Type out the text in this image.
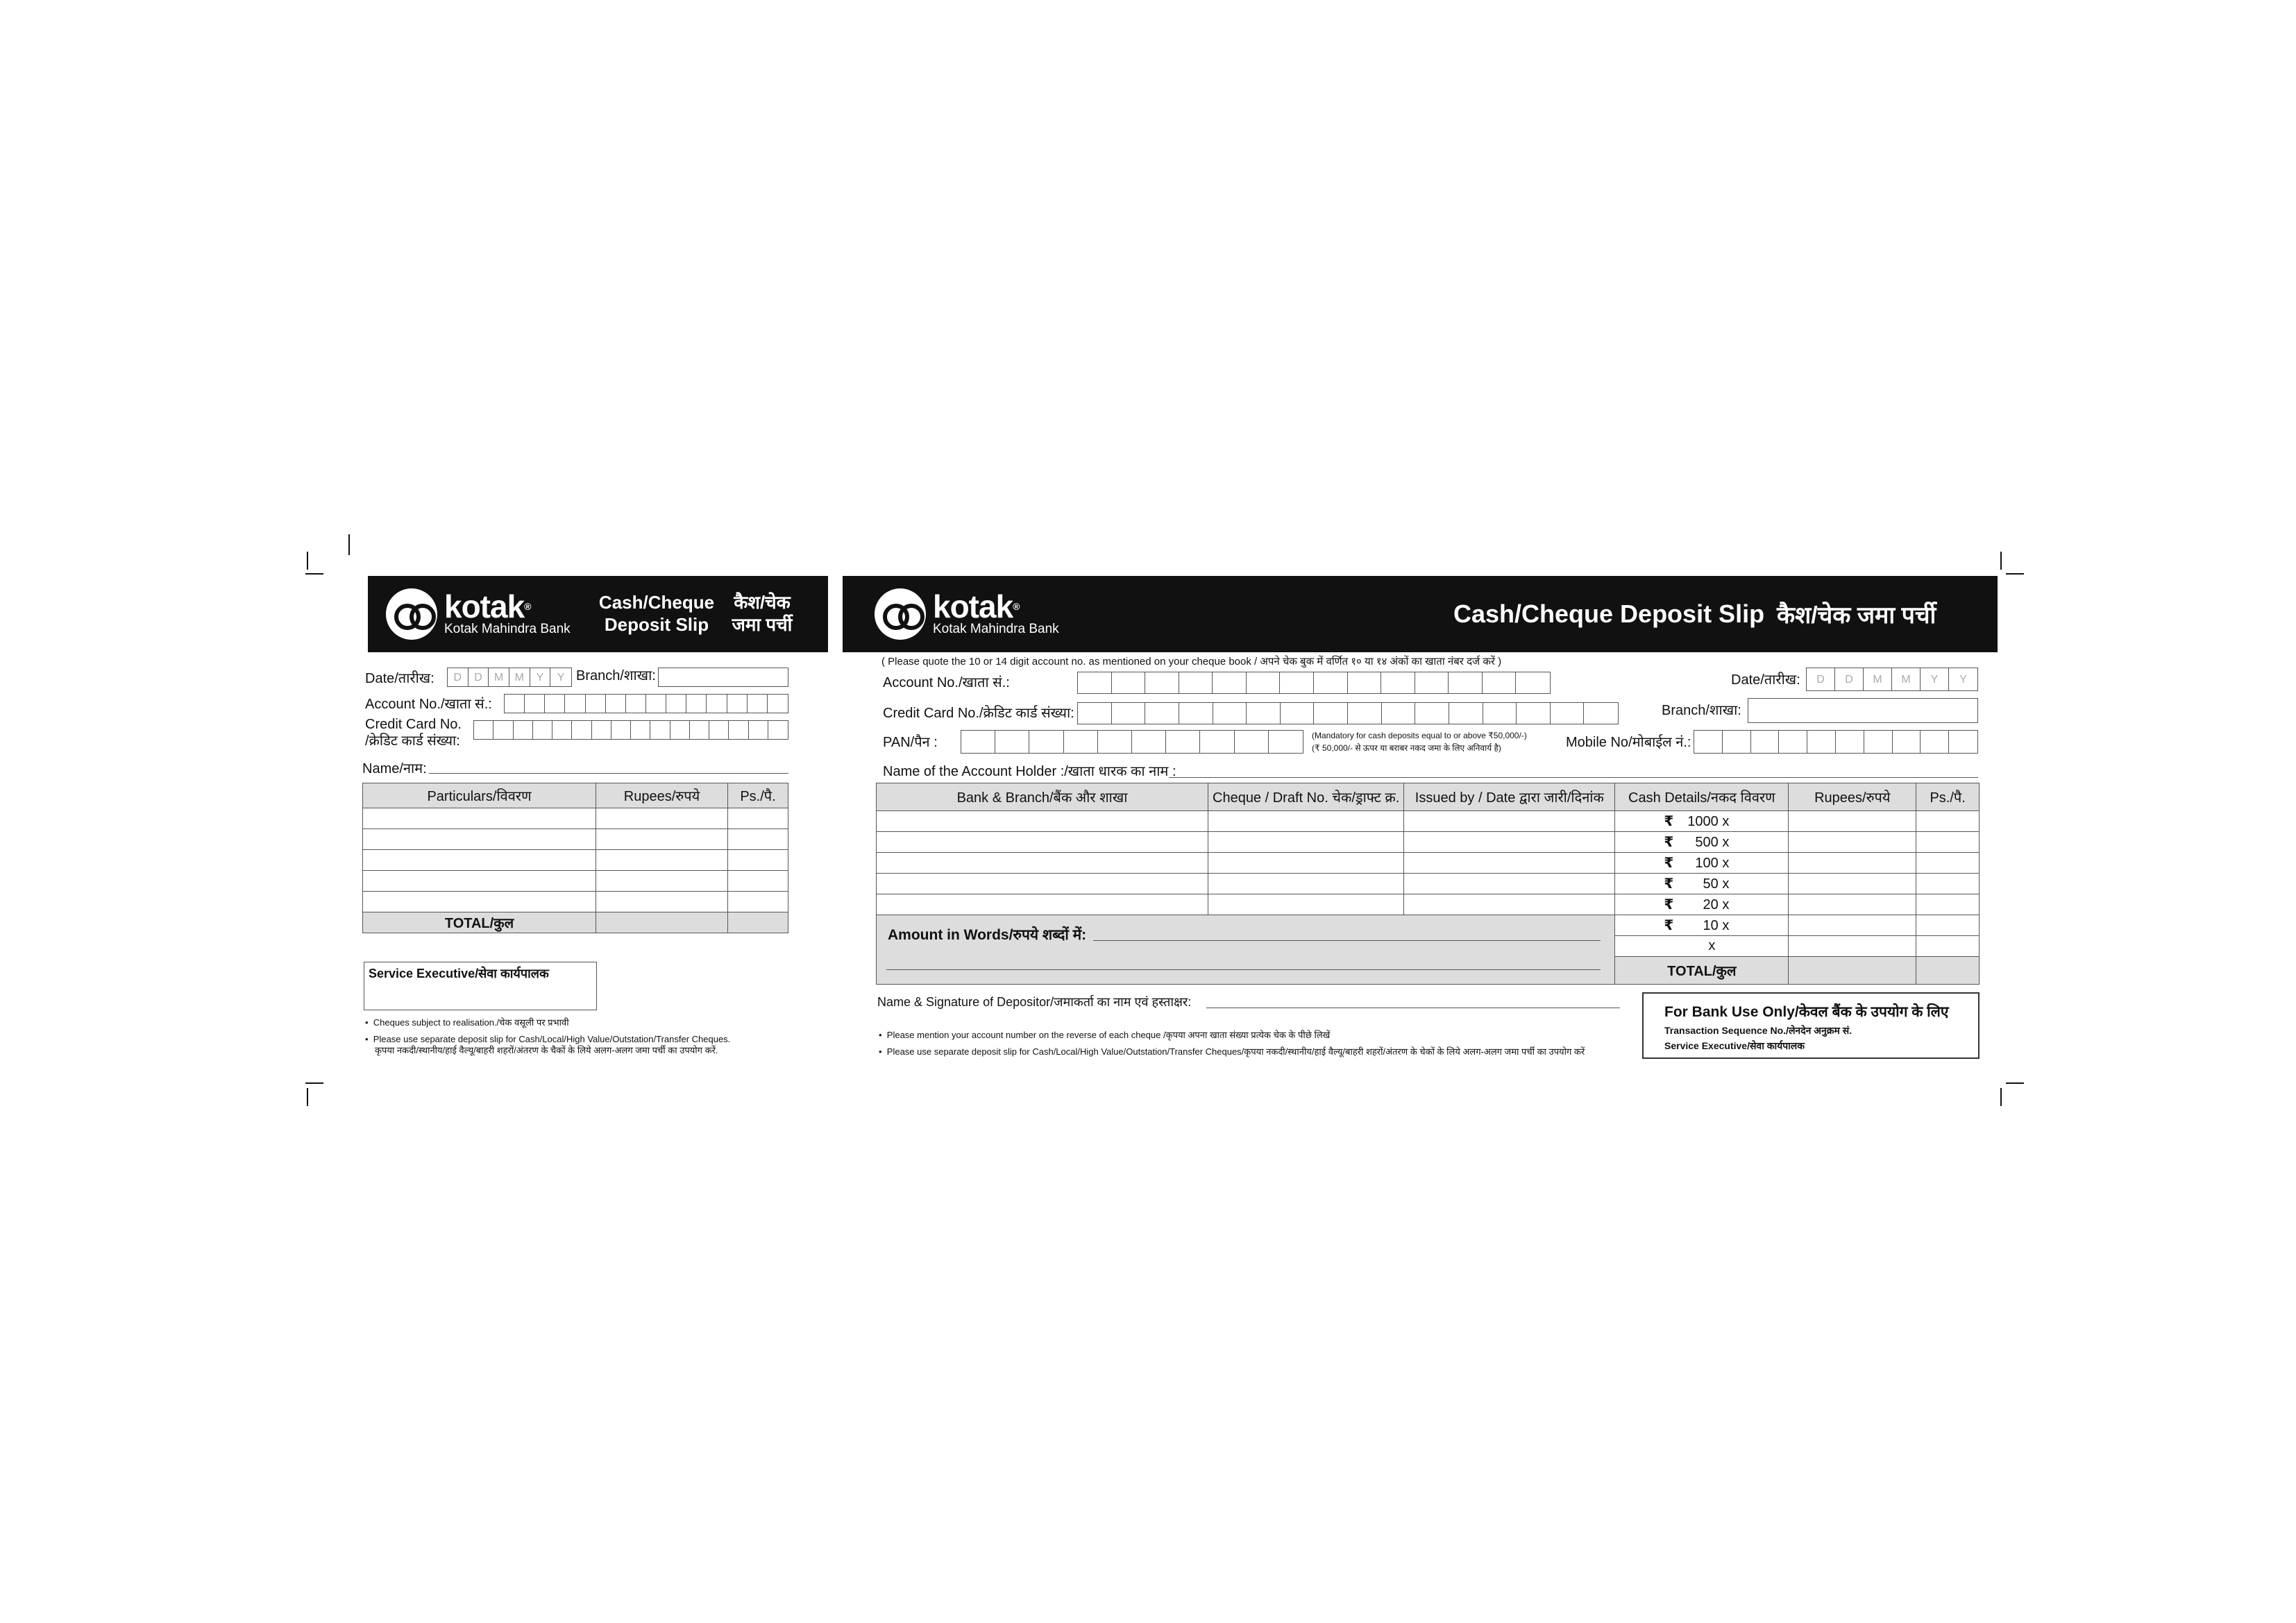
kotak®
Kotak Mahindra Bank
Cash/Cheque
Deposit Slip
कैश/चेक
जमा पर्ची
Date/तारीख:	D	D	M	M	Y	Y Branch/शाखा:
Account No./खाता सं.:
Credit Card No.
/क्रेडिट कार्ड संख्या:
Name/नाम:
Particulars/विवरण	Rupees/रुपये	Ps./पै.

TOTAL/कुल		
Service Executive/सेवा कार्यपालक
•  Cheques subject to realisation./चेक वसूली पर प्रभावी
•  Please use separate deposit slip for Cash/Local/High Value/Outstation/Transfer Cheques.
कृपया नकदी/स्थानीय/हाई वैल्यू/बाहरी शहरों/अंतरण के चैकों के लिये अलग-अलग जमा पर्ची का उपयोग करें.
kotak®
Kotak Mahindra Bank
Cash/Cheque Deposit Slip कैश/चेक जमा पर्ची
( Please quote the 10 or 14 digit account no. as mentioned on your cheque book / अपने चेक बुक में वर्णित १० या १४ अंकों का खाता नंबर दर्ज करें )
Account No./खाता सं.:	Date/तारीख:	D	D	M	M	Y	Y
Credit Card No./क्रेडिट कार्ड संख्या:	Branch/शाखा:
PAN/पैन :	(Mandatory for cash deposits equal to or above ₹50,000/-)
(₹ 50,000/- से ऊपर या बराबर नकद जमा के लिए अनिवार्य है)	Mobile No/मोबाईल नं.:
Name of the Account Holder :/खाता धारक का नाम :
Bank & Branch/बैंक और शाखा	Cheque / Draft No. चेक/ड्राफ्ट क्र.	Issued by / Date द्वारा जारी/दिनांक	Cash Details/नकद विवरण	Rupees/रुपये	Ps./पै.
			₹ 1000 x		
			₹ 500 x		
			₹ 100 x		
			₹ 50 x		
			₹ 20 x		
Amount in Words/रुपये शब्दों में:			₹ 10 x		
			x		
			TOTAL/कुल		
Name & Signature of Depositor/जमाकर्ता का नाम एवं हस्ताक्षर:
•  Please mention your account number on the reverse of each cheque /कृपया अपना खाता संख्या प्रत्येक चेक के पीछे लिखें
•  Please use separate deposit slip for Cash/Local/High Value/Outstation/Transfer Cheques/कृपया नकदी/स्थानीय/हाई वैल्यू/बाहरी शहरों/अंतरण के चेकों के लिये अलग-अलग जमा पर्ची का उपयोग करें
For Bank Use Only/केवल बैंक के उपयोग के लिए
Transaction Sequence No./लेनदेन अनुक्रम सं.
Service Executive/सेवा कार्यपालक
